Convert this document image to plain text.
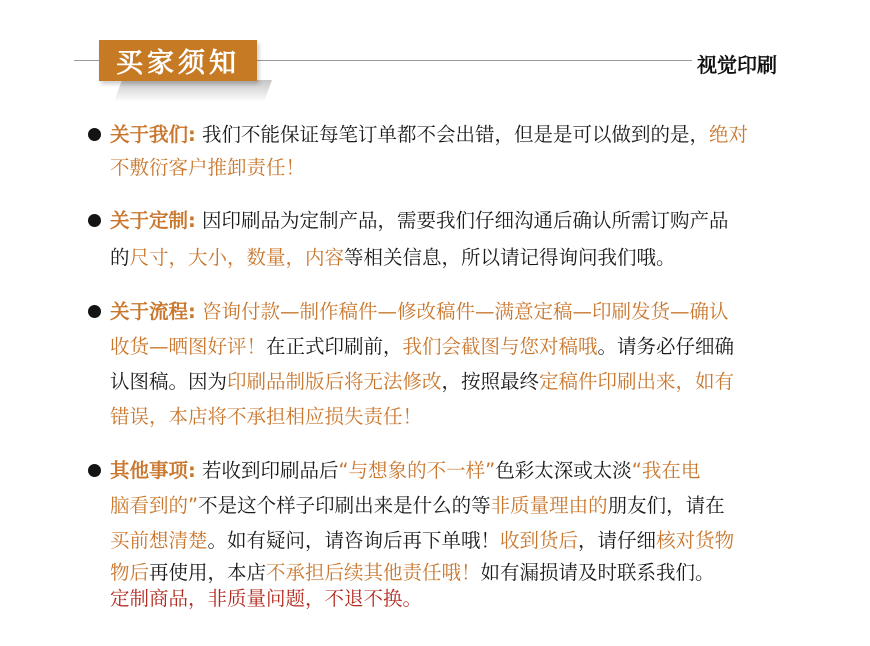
买家须知	视觉印刷
关于我们: 我们不能保证每笔订单都不会出错，但是是可以做到的是，绝对
不敷衍客户推卸责任！
关于定制: 因印刷品为定制产品，需要我们仔细沟通后确认所需订购产品
的尺寸，大小，数量，内容等相关信息，所以请记得询问我们哦。
关于流程: 咨询付款—制作稿件—修改稿件—满意定稿—印刷发货—确认
收货—晒图好评！在正式印刷前，我们会截图与您对稿哦。请务必仔细确
认图稿。因为印刷品制版后将无法修改，按照最终定稿件印刷出来，如有
错误，本店将不承担相应损失责任！
其他事项: 若收到印刷品后“与想象的不一样”色彩太深或太淡“我在电
脑看到的”不是这个样子印刷出来是什么的等非质量理由的朋友们，请在
买前想清楚。如有疑问，请咨询后再下单哦！收到货后，请仔细核对货物
物后再使用，本店不承担后续其他责任哦！如有漏损请及时联系我们。
定制商品，非质量问题，不退不换。
